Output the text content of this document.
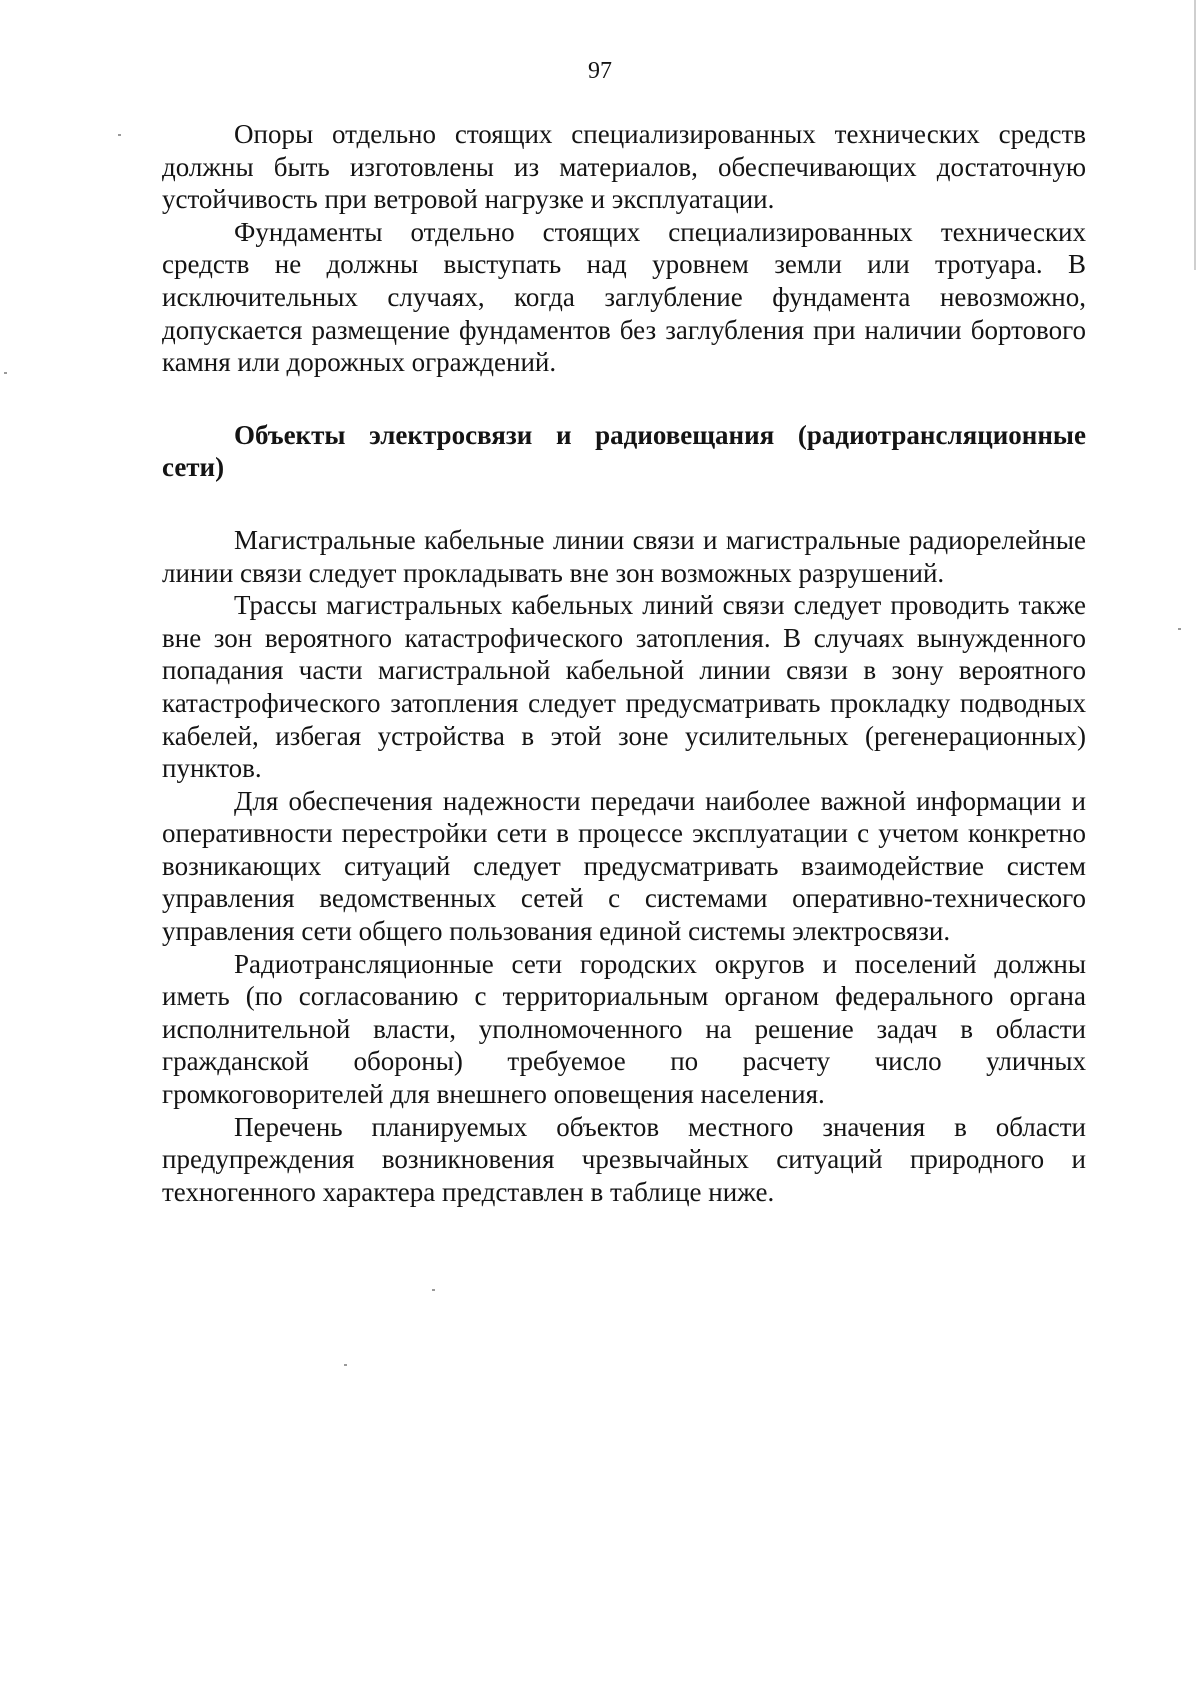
97

Опоры отдельно стоящих специализированных технических средств должны быть изготовлены из материалов, обеспечивающих достаточную устойчивость при ветровой нагрузке и эксплуатации.

Фундаменты отдельно стоящих специализированных технических средств не должны выступать над уровнем земли или тротуара. В исключительных случаях, когда заглубление фундамента невозможно, допускается размещение фундаментов без заглубления при наличии бортового камня или дорожных ограждений.

Объекты электросвязи и радиовещания (радиотрансляционные сети)

Магистральные кабельные линии связи и магистральные радиорелейные линии связи следует прокладывать вне зон возможных разрушений.

Трассы магистральных кабельных линий связи следует проводить также вне зон вероятного катастрофического затопления. В случаях вынужденного попадания части магистральной кабельной линии связи в зону вероятного катастрофического затопления следует предусматривать прокладку подводных кабелей, избегая устройства в этой зоне усилительных (регенерационных) пунктов.

Для обеспечения надежности передачи наиболее важной информации и оперативности перестройки сети в процессе эксплуатации с учетом конкретно возникающих ситуаций следует предусматривать взаимодействие систем управления ведомственных сетей с системами оперативно-технического управления сети общего пользования единой системы электросвязи.

Радиотрансляционные сети городских округов и поселений должны иметь (по согласованию с территориальным органом федерального органа исполнительной власти, уполномоченного на решение задач в области гражданской обороны) требуемое по расчету число уличных громкоговорителей для внешнего оповещения населения.

Перечень планируемых объектов местного значения в области предупреждения возникновения чрезвычайных ситуаций природного и техногенного характера представлен в таблице ниже.
